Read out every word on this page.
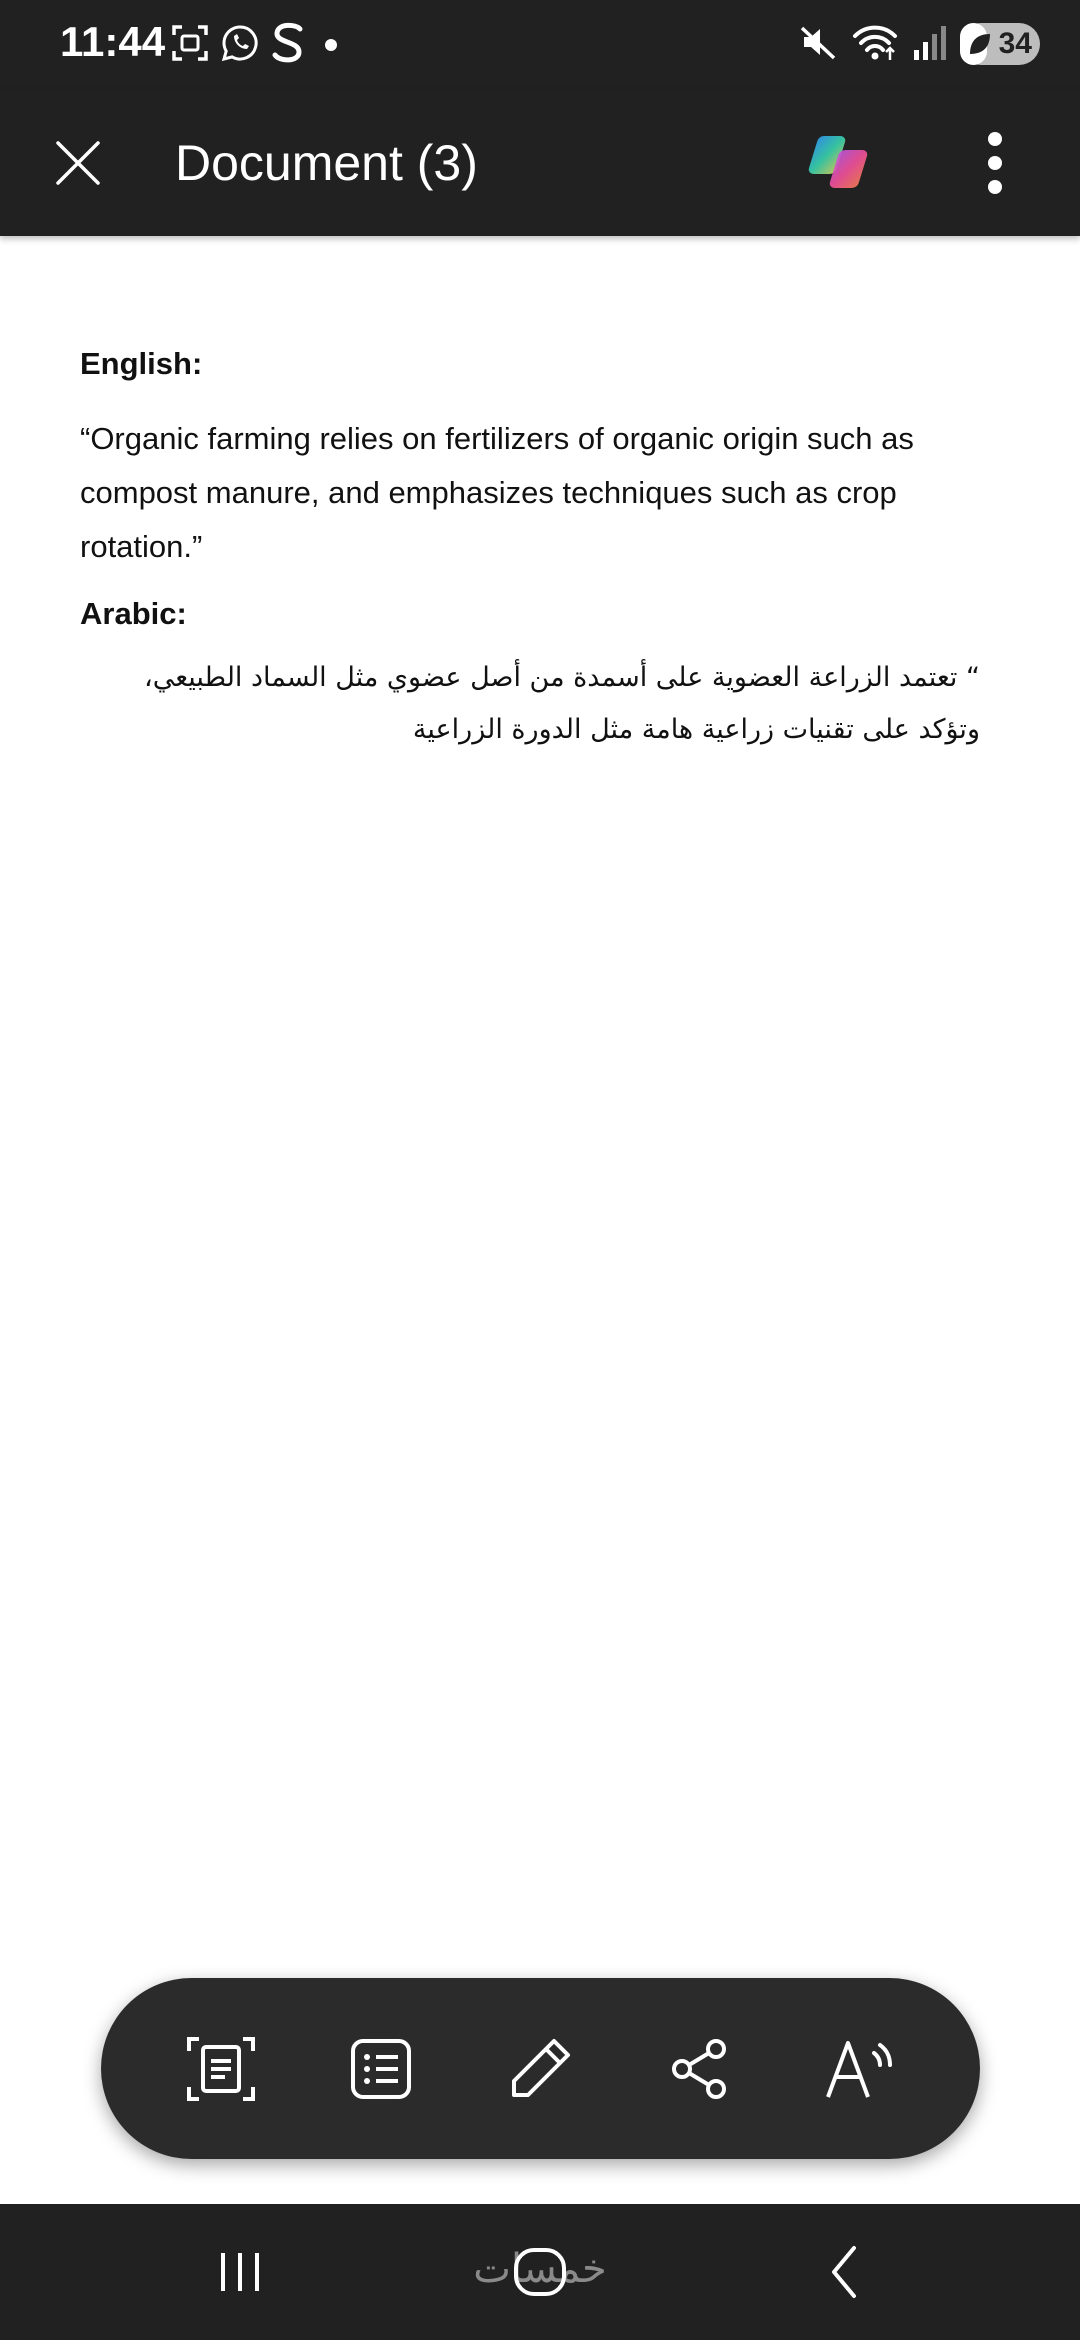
11:44	34
Document (3)
English:
“Organic farming relies on fertilizers of organic origin such as compost manure, and emphasizes techniques such as crop rotation.”
Arabic:
“ تعتمد الزراعة العضوية على أسمدة من أصل عضوي مثل السماد الطبيعي، وتؤكد على تقنيات زراعية هامة مثل الدورة الزراعية
خمسات
